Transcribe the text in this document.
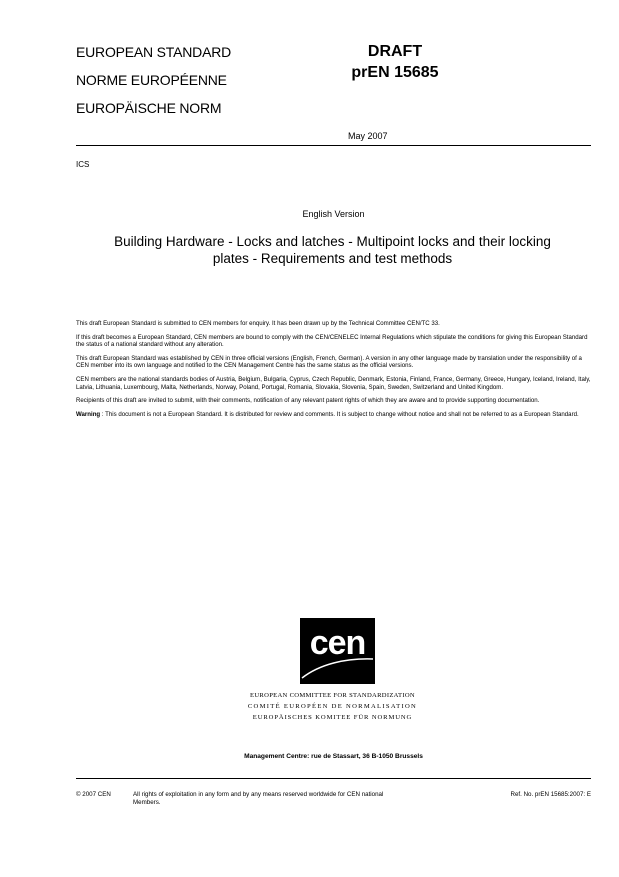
EUROPEAN STANDARD
NORME EUROPÉENNE
EUROPÄISCHE NORM
DRAFT
prEN 15685
May 2007
ICS
English Version
Building Hardware - Locks and latches - Multipoint locks and their locking plates - Requirements and test methods

This draft European Standard is submitted to CEN members for enquiry. It has been drawn up by the Technical Committee CEN/TC 33.

If this draft becomes a European Standard, CEN members are bound to comply with the CEN/CENELEC Internal Regulations which stipulate the conditions for giving this European Standard the status of a national standard without any alteration.

This draft European Standard was established by CEN in three official versions (English, French, German). A version in any other language made by translation under the responsibility of a CEN member into its own language and notified to the CEN Management Centre has the same status as the official versions.

CEN members are the national standards bodies of Austria, Belgium, Bulgaria, Cyprus, Czech Republic, Denmark, Estonia, Finland, France, Germany, Greece, Hungary, Iceland, Ireland, Italy, Latvia, Lithuania, Luxembourg, Malta, Netherlands, Norway, Poland, Portugal, Romania, Slovakia, Slovenia, Spain, Sweden, Switzerland and United Kingdom.

Recipients of this draft are invited to submit, with their comments, notification of any relevant patent rights of which they are aware and to provide supporting documentation.

Warning : This document is not a European Standard. It is distributed for review and comments. It is subject to change without notice and shall not be referred to as a European Standard.

cen
EUROPEAN COMMITTEE FOR STANDARDIZATION
COMITÉ EUROPÉEN DE NORMALISATION
EUROPÄISCHES KOMITEE FÜR NORMUNG
Management Centre: rue de Stassart, 36 B-1050 Brussels
© 2007 CEN	All rights of exploitation in any form and by any means reserved worldwide for CEN national Members.
Ref. No. prEN 15685:2007: E
